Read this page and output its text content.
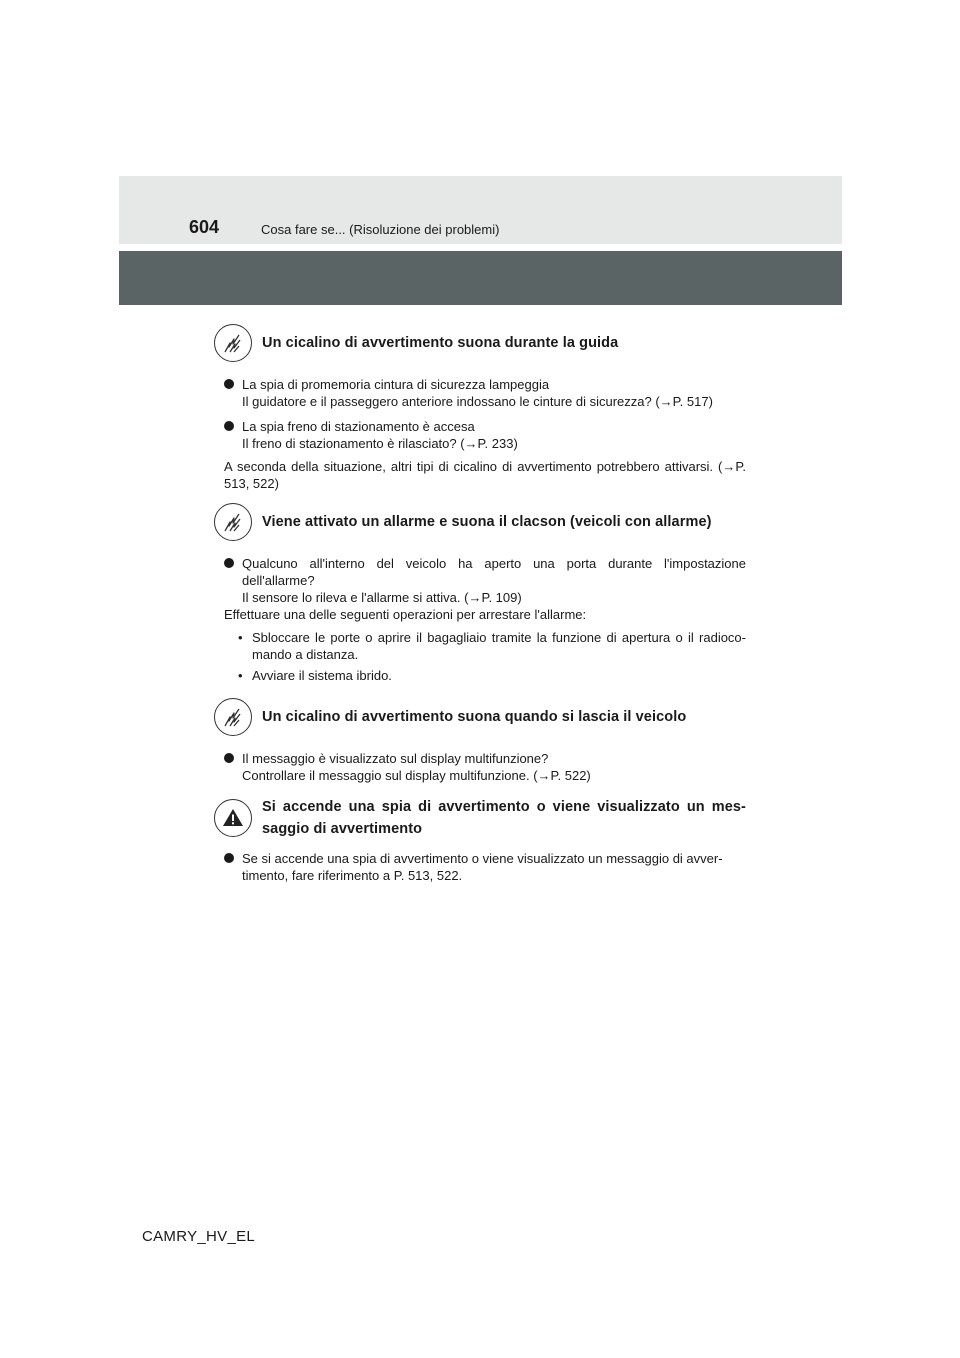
604	Cosa fare se... (Risoluzione dei problemi)
Un cicalino di avvertimento suona durante la guida
La spia di promemoria cintura di sicurezza lampeggia
Il guidatore e il passeggero anteriore indossano le cinture di sicurezza? (→P. 517)
La spia freno di stazionamento è accesa
Il freno di stazionamento è rilasciato? (→P. 233)
A seconda della situazione, altri tipi di cicalino di avvertimento potrebbero attivarsi. (→P. 513, 522)
Viene attivato un allarme e suona il clacson (veicoli con allarme)
Qualcuno all'interno del veicolo ha aperto una porta durante l'impostazione dell'allarme?
Il sensore lo rileva e l'allarme si attiva. (→P. 109)
Effettuare una delle seguenti operazioni per arrestare l'allarme:
• Sbloccare le porte o aprire il bagagliaio tramite la funzione di apertura o il radioco- mando a distanza.
• Avviare il sistema ibrido.
Un cicalino di avvertimento suona quando si lascia il veicolo
Il messaggio è visualizzato sul display multifunzione?
Controllare il messaggio sul display multifunzione. (→P. 522)
Si accende una spia di avvertimento o viene visualizzato un mes- saggio di avvertimento
Se si accende una spia di avvertimento o viene visualizzato un messaggio di avver- timento, fare riferimento a P. 513, 522.
CAMRY_HV_EL
